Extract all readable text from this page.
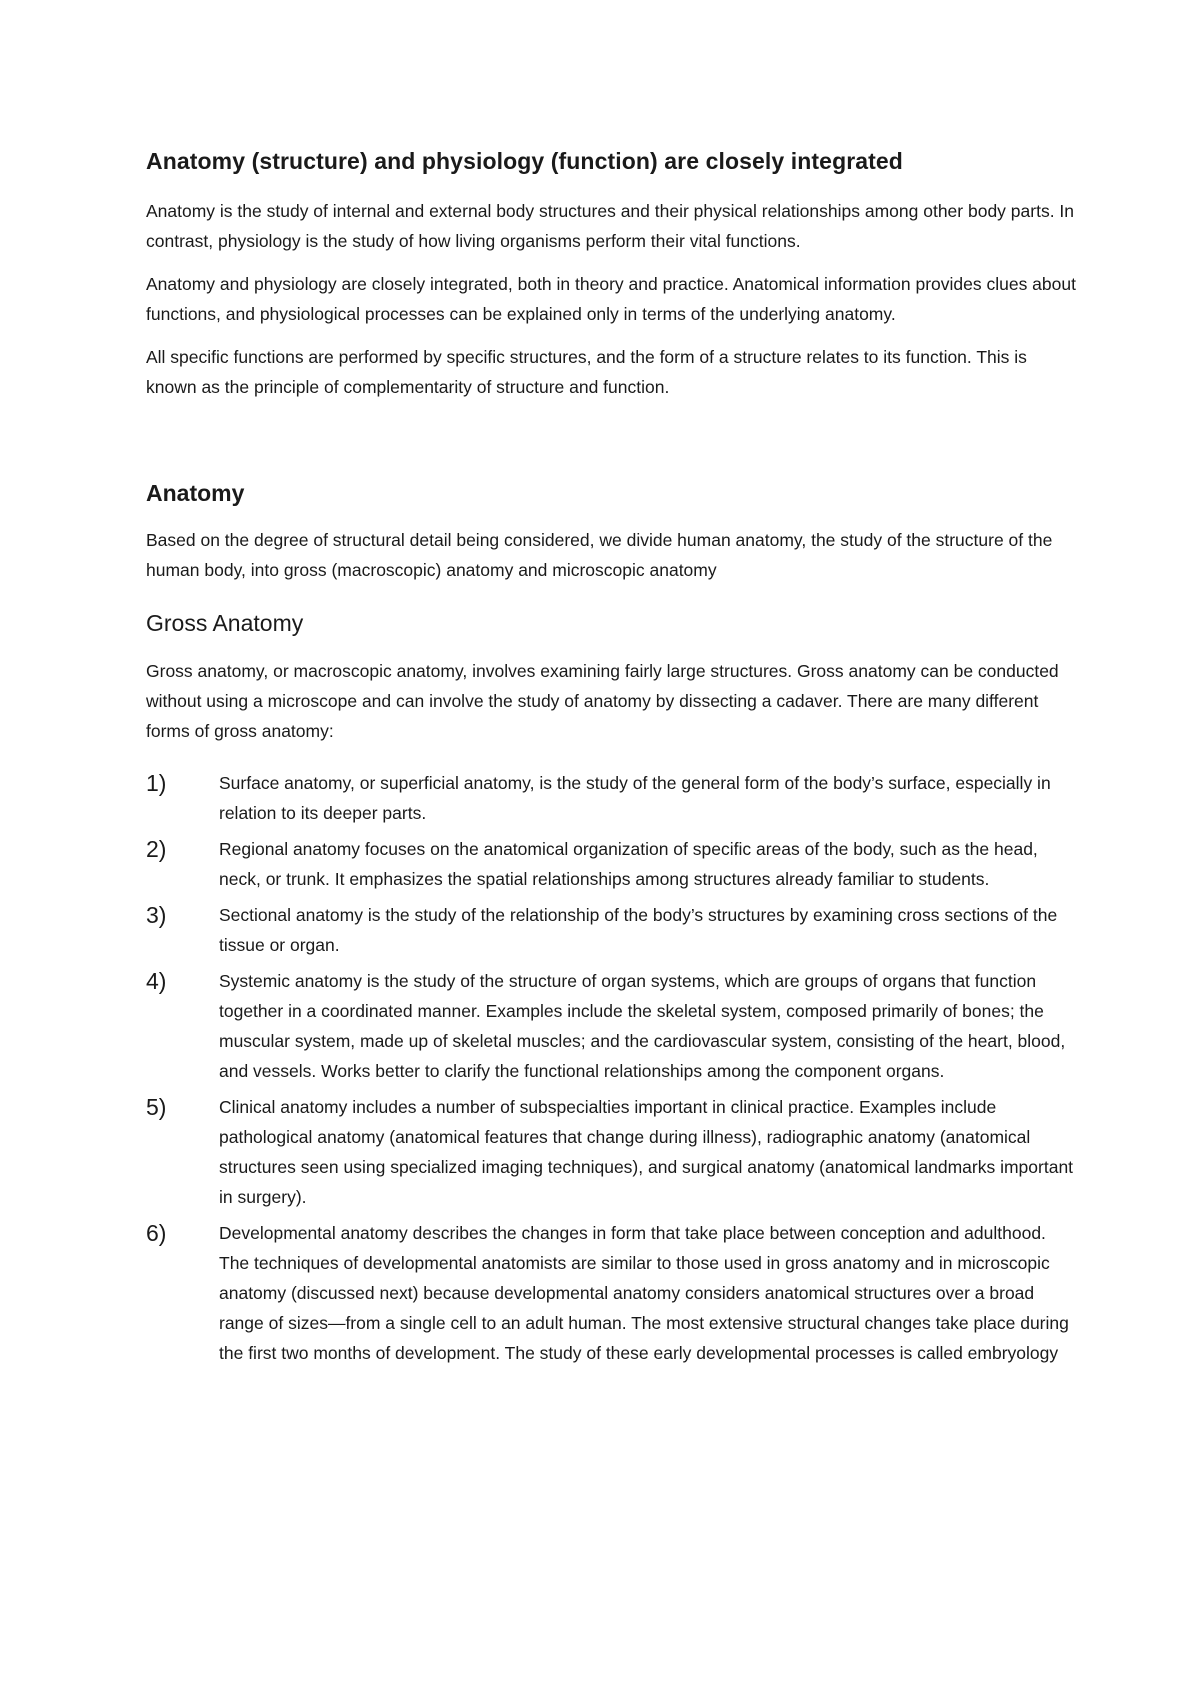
Anatomy (structure) and physiology (function) are closely integrated

Anatomy is the study of internal and external body structures and their physical relationships among other body parts. In contrast, physiology is the study of how living organisms perform their vital functions.

Anatomy and physiology are closely integrated, both in theory and practice. Anatomical information provides clues about functions, and physiological processes can be explained only in terms of the underlying anatomy.

All specific functions are performed by specific structures, and the form of a structure relates to its function. This is known as the principle of complementarity of structure and function.

Anatomy

Based on the degree of structural detail being considered, we divide human anatomy, the study of the structure of the human body, into gross (macroscopic) anatomy and microscopic anatomy

Gross Anatomy

Gross anatomy, or macroscopic anatomy, involves examining fairly large structures. Gross anatomy can be conducted without using a microscope and can involve the study of anatomy by dissecting a cadaver. There are many different forms of gross anatomy:

1)	Surface anatomy, or superficial anatomy, is the study of the general form of the body’s surface, especially in relation to its deeper parts.
2)	Regional anatomy focuses on the anatomical organization of specific areas of the body, such as the head, neck, or trunk. It emphasizes the spatial relationships among structures already familiar to students.
3)	Sectional anatomy is the study of the relationship of the body’s structures by examining cross sections of the tissue or organ.
4)	Systemic anatomy is the study of the structure of organ systems, which are groups of organs that function together in a coordinated manner. Examples include the skeletal system, composed primarily of bones; the muscular system, made up of skeletal muscles; and the cardiovascular system, consisting of the heart, blood, and vessels. Works better to clarify the functional relationships among the component organs.
5)	Clinical anatomy includes a number of subspecialties important in clinical practice. Examples include pathological anatomy (anatomical features that change during illness), radiographic anatomy (anatomical structures seen using specialized imaging techniques), and surgical anatomy (anatomical landmarks important in surgery).
6)	Developmental anatomy describes the changes in form that take place between conception and adulthood. The techniques of developmental anatomists are similar to those used in gross anatomy and in microscopic anatomy (discussed next) because developmental anatomy considers anatomical structures over a broad range of sizes—from a single cell to an adult human. The most extensive structural changes take place during the first two months of development. The study of these early developmental processes is called embryology
